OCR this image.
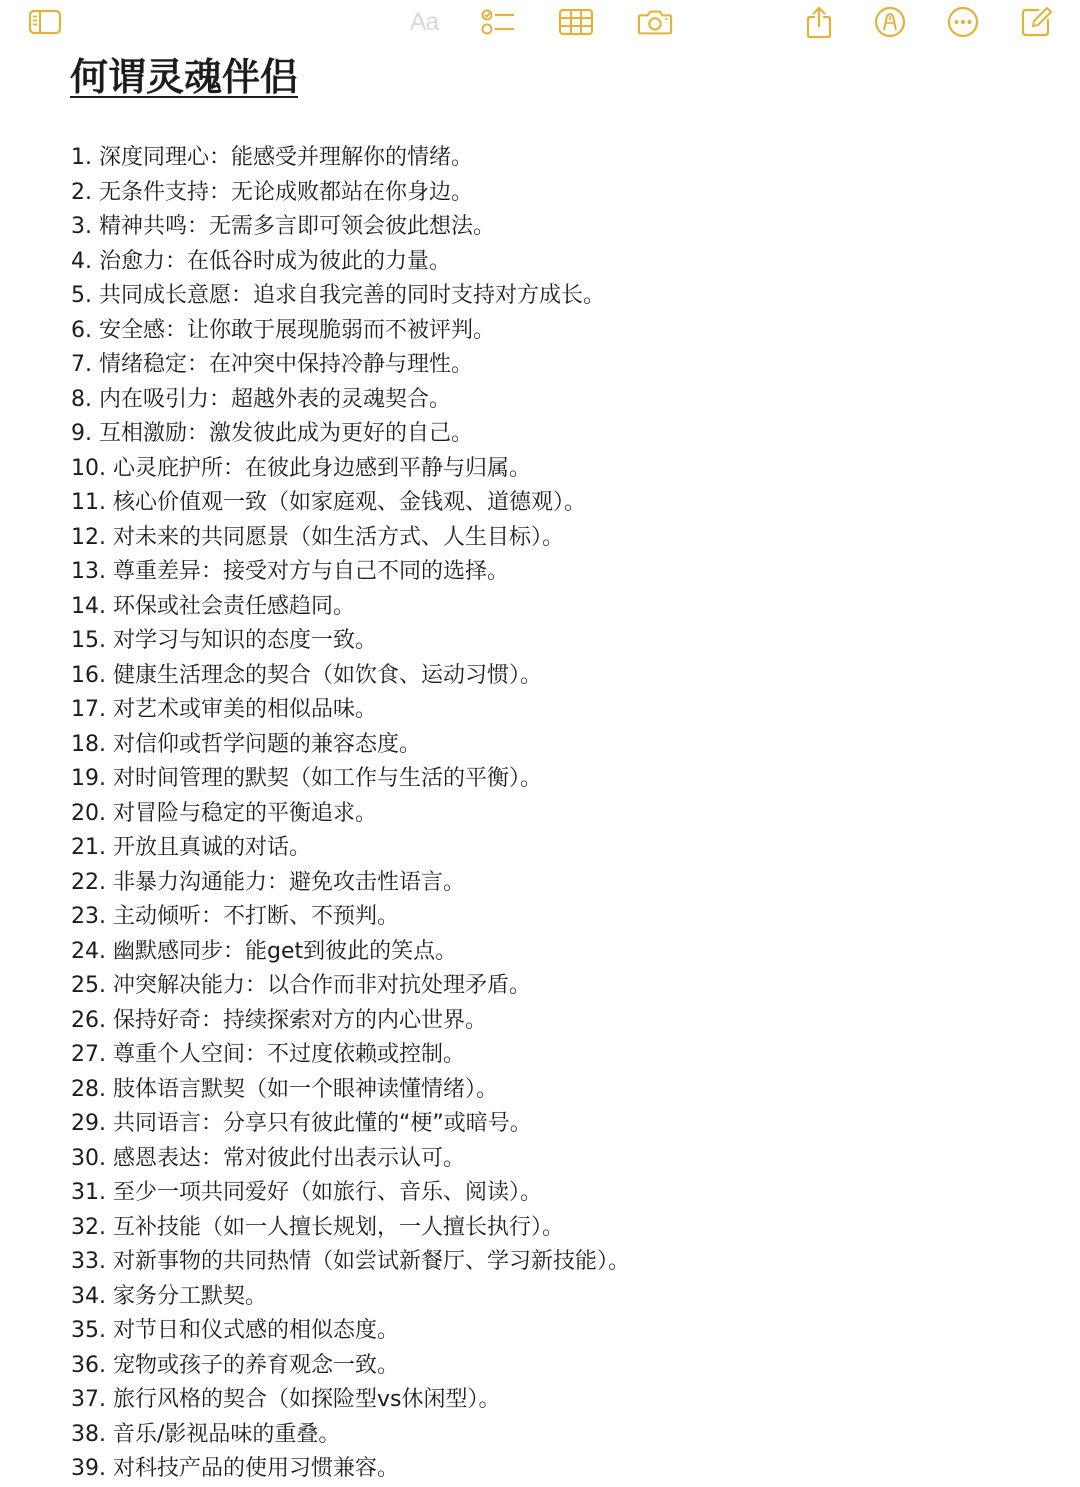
Aa
何谓灵魂伴侣
1. 深度同理心：能感受并理解你的情绪。
2. 无条件支持：无论成败都站在你身边。
3. 精神共鸣：无需多言即可领会彼此想法。
4. 治愈力：在低谷时成为彼此的力量。
5. 共同成长意愿：追求自我完善的同时支持对方成长。
6. 安全感：让你敢于展现脆弱而不被评判。
7. 情绪稳定：在冲突中保持冷静与理性。
8. 内在吸引力：超越外表的灵魂契合。
9. 互相激励：激发彼此成为更好的自己。
10. 心灵庇护所：在彼此身边感到平静与归属。
11. 核心价值观一致（如家庭观、金钱观、道德观）。
12. 对未来的共同愿景（如生活方式、人生目标）。
13. 尊重差异：接受对方与自己不同的选择。
14. 环保或社会责任感趋同。
15. 对学习与知识的态度一致。
16. 健康生活理念的契合（如饮食、运动习惯）。
17. 对艺术或审美的相似品味。
18. 对信仰或哲学问题的兼容态度。
19. 对时间管理的默契（如工作与生活的平衡）。
20. 对冒险与稳定的平衡追求。
21. 开放且真诚的对话。
22. 非暴力沟通能力：避免攻击性语言。
23. 主动倾听：不打断、不预判。
24. 幽默感同步：能get到彼此的笑点。
25. 冲突解决能力：以合作而非对抗处理矛盾。
26. 保持好奇：持续探索对方的内心世界。
27. 尊重个人空间：不过度依赖或控制。
28. 肢体语言默契（如一个眼神读懂情绪）。
29. 共同语言：分享只有彼此懂的“梗”或暗号。
30. 感恩表达：常对彼此付出表示认可。
31. 至少一项共同爱好（如旅行、音乐、阅读）。
32. 互补技能（如一人擅长规划，一人擅长执行）。
33. 对新事物的共同热情（如尝试新餐厅、学习新技能）。
34. 家务分工默契。
35. 对节日和仪式感的相似态度。
36. 宠物或孩子的养育观念一致。
37. 旅行风格的契合（如探险型vs休闲型）。
38. 音乐/影视品味的重叠。
39. 对科技产品的使用习惯兼容。
